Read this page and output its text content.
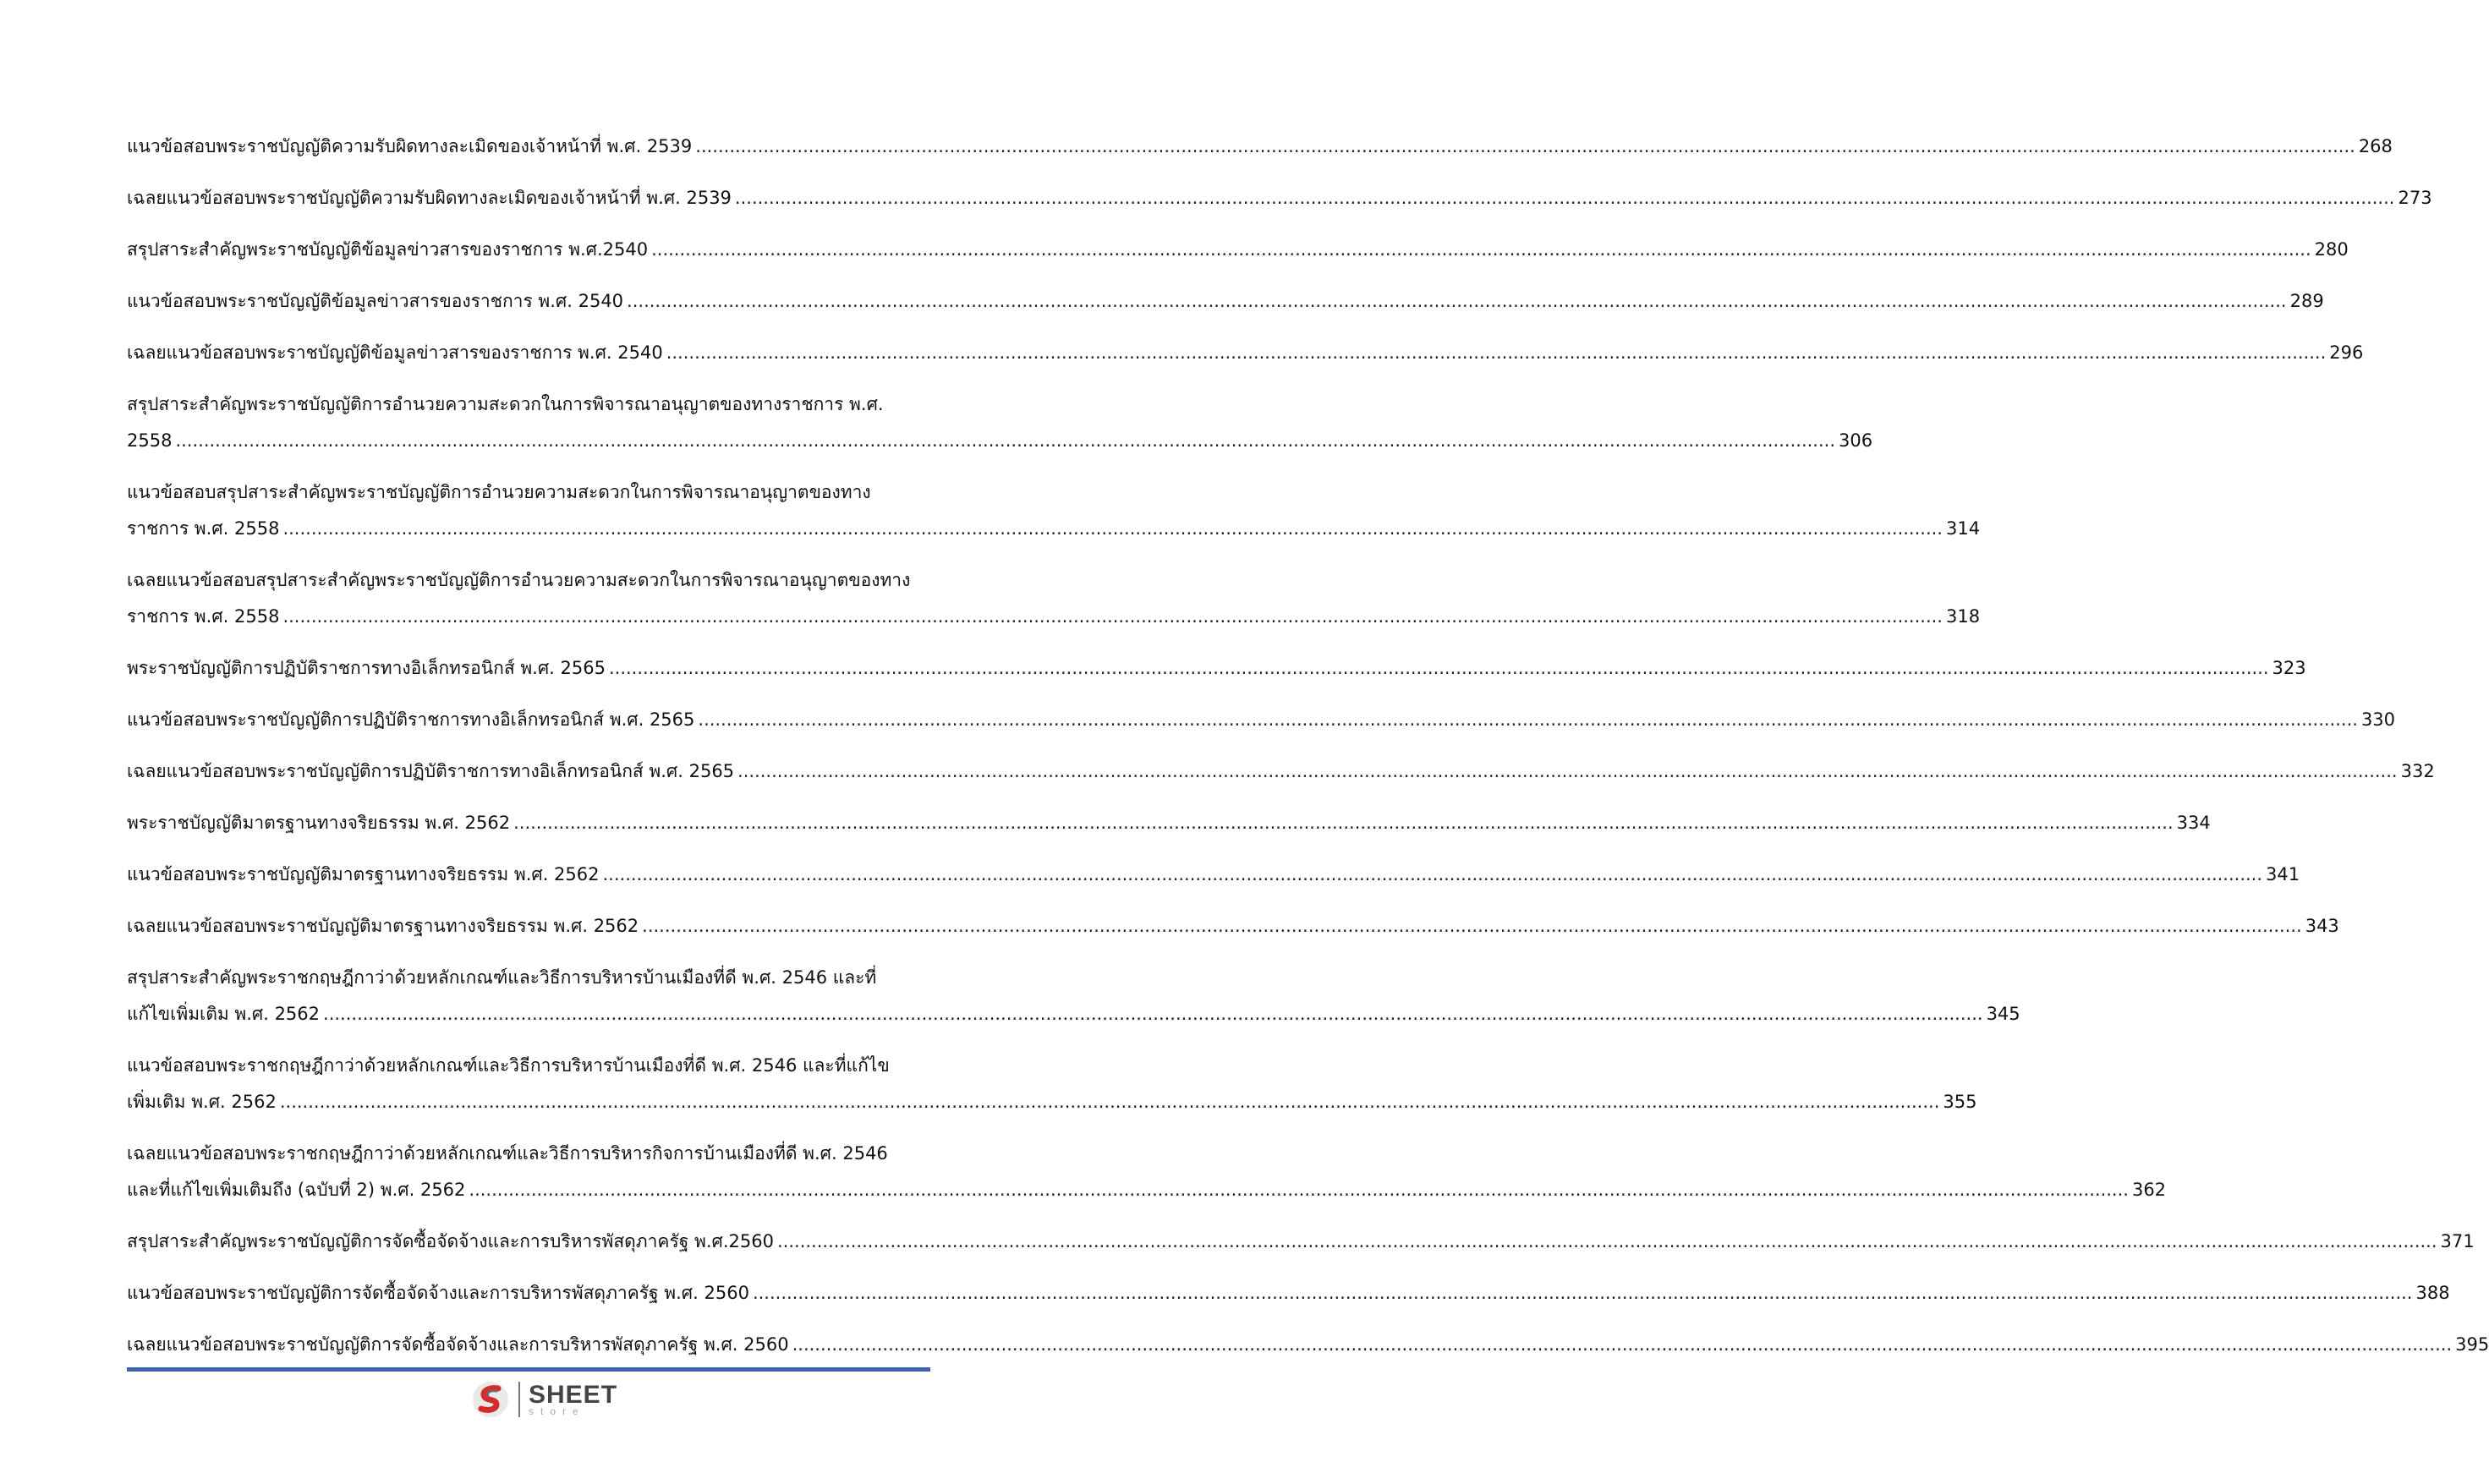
แนวข้อสอบพระราชบัญญัติความรับผิดทางละเมิดของเจ้าหน้าที่ พ.ศ. 2539 .....	268
เฉลยแนวข้อสอบพระราชบัญญัติความรับผิดทางละเมิดของเจ้าหน้าที่ พ.ศ. 2539 .....	273
สรุปสาระสำคัญพระราชบัญญัติข้อมูลข่าวสารของราชการ พ.ศ.2540 .....	280
แนวข้อสอบพระราชบัญญัติข้อมูลข่าวสารของราชการ พ.ศ. 2540 .....	289
เฉลยแนวข้อสอบพระราชบัญญัติข้อมูลข่าวสารของราชการ พ.ศ. 2540 .....	296
สรุปสาระสำคัญพระราชบัญญัติการอำนวยความสะดวกในการพิจารณาอนุญาตของทางราชการ พ.ศ.
2558 .....	306
แนวข้อสอบสรุปสาระสำคัญพระราชบัญญัติการอำนวยความสะดวกในการพิจารณาอนุญาตของทาง
ราชการ พ.ศ. 2558 .....	314
เฉลยแนวข้อสอบสรุปสาระสำคัญพระราชบัญญัติการอำนวยความสะดวกในการพิจารณาอนุญาตของทาง
ราชการ พ.ศ. 2558 .....	318
พระราชบัญญัติการปฏิบัติราชการทางอิเล็กทรอนิกส์ พ.ศ. 2565 .....	323
แนวข้อสอบพระราชบัญญัติการปฏิบัติราชการทางอิเล็กทรอนิกส์ พ.ศ. 2565 .....	330
เฉลยแนวข้อสอบพระราชบัญญัติการปฏิบัติราชการทางอิเล็กทรอนิกส์ พ.ศ. 2565 .....	332
พระราชบัญญัติมาตรฐานทางจริยธรรม พ.ศ. 2562 .....	334
แนวข้อสอบพระราชบัญญัติมาตรฐานทางจริยธรรม พ.ศ. 2562 .....	341
เฉลยแนวข้อสอบพระราชบัญญัติมาตรฐานทางจริยธรรม พ.ศ. 2562 .....	343
สรุปสาระสำคัญพระราชกฤษฎีกาว่าด้วยหลักเกณฑ์และวิธีการบริหารบ้านเมืองที่ดี พ.ศ. 2546 และที่
แก้ไขเพิ่มเติม พ.ศ. 2562 .....	345
แนวข้อสอบพระราชกฤษฎีกาว่าด้วยหลักเกณฑ์และวิธีการบริหารบ้านเมืองที่ดี พ.ศ. 2546 และที่แก้ไข
เพิ่มเติม พ.ศ. 2562 .....	355
เฉลยแนวข้อสอบพระราชกฤษฎีกาว่าด้วยหลักเกณฑ์และวิธีการบริหารกิจการบ้านเมืองที่ดี พ.ศ. 2546
และที่แก้ไขเพิ่มเติมถึง (ฉบับที่ 2) พ.ศ. 2562 .....	362
สรุปสาระสำคัญพระราชบัญญัติการจัดซื้อจัดจ้างและการบริหารพัสดุภาครัฐ พ.ศ.2560 .....	371
แนวข้อสอบพระราชบัญญัติการจัดซื้อจัดจ้างและการบริหารพัสดุภาครัฐ พ.ศ. 2560 .....	388
เฉลยแนวข้อสอบพระราชบัญญัติการจัดซื้อจัดจ้างและการบริหารพัสดุภาครัฐ พ.ศ. 2560 .....	395
SHEET
store
